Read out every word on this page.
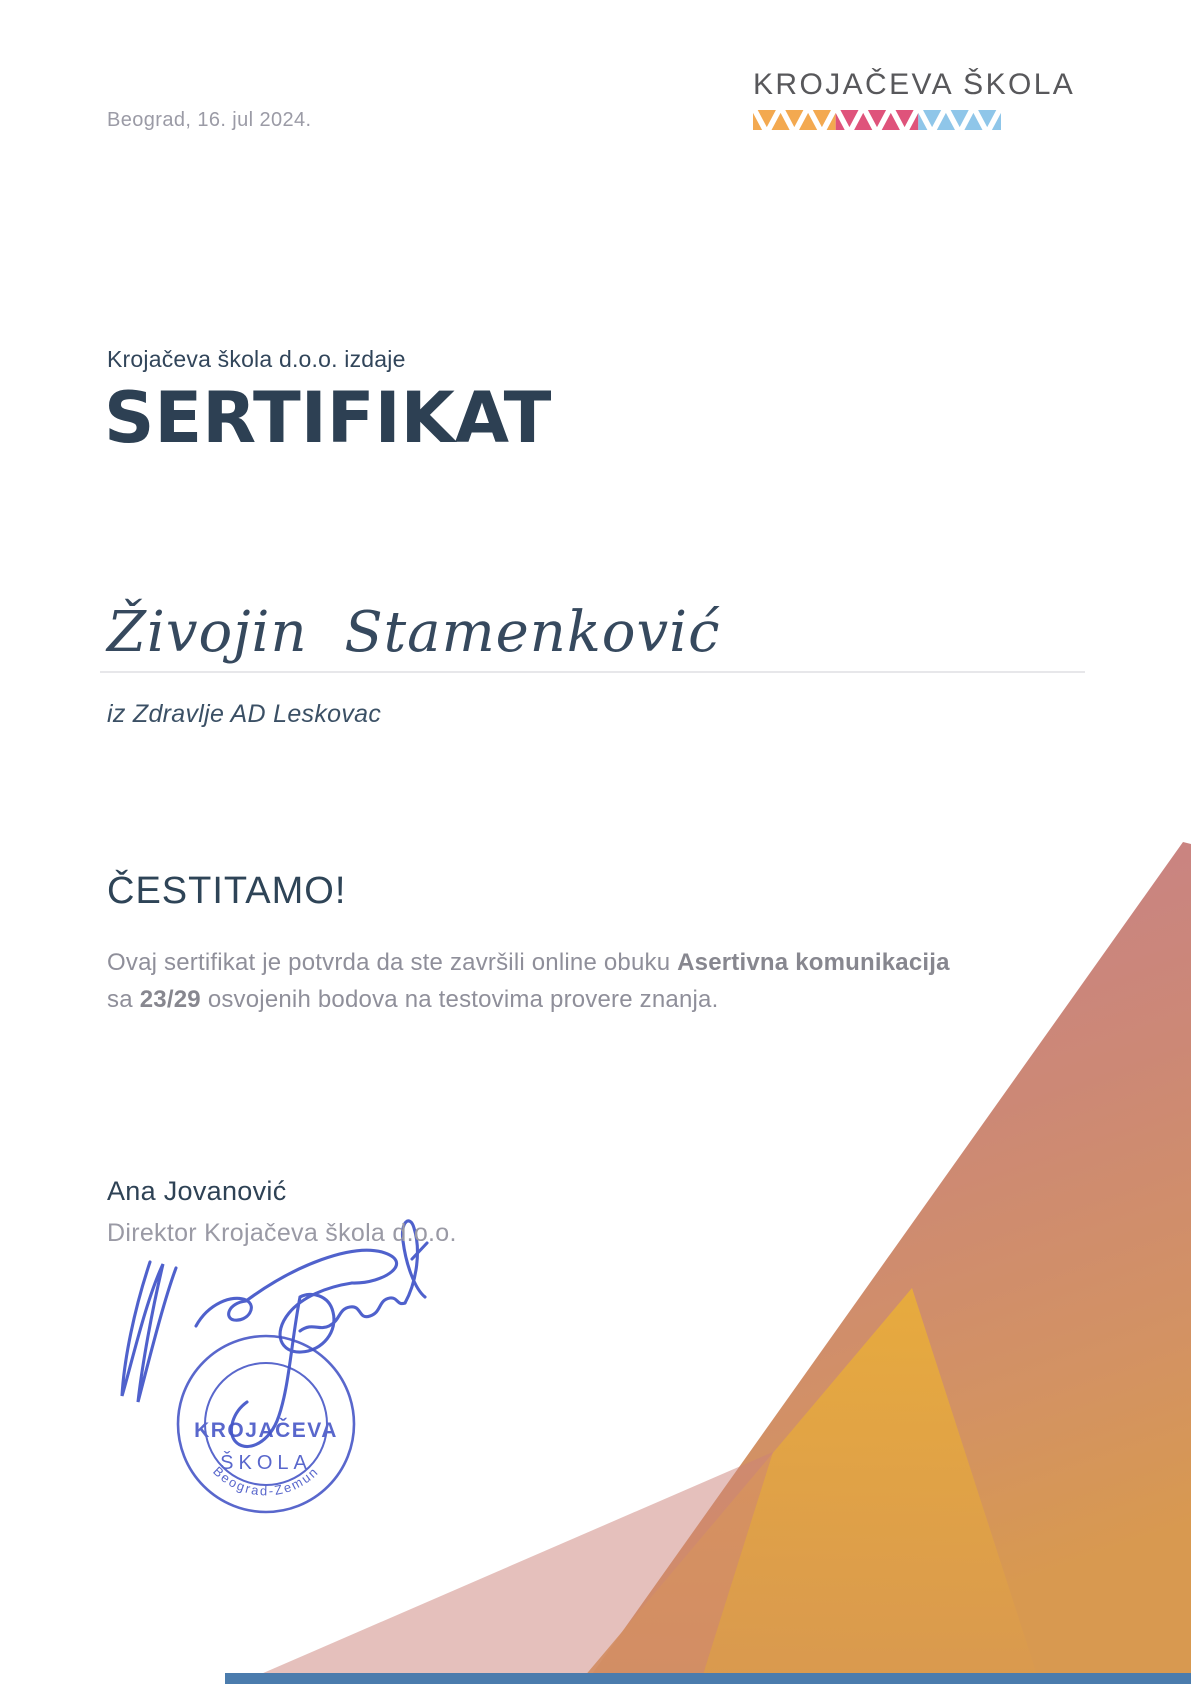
KROJAČEVA
ŠKOLA
Beograd-Zemun
Beograd, 16. jul 2024.
KROJAČEVA ŠKOLA
Krojačeva škola d.o.o. izdaje
SERTIFIKAT
Živojin Stamenković
iz Zdravlje AD Leskovac
ČESTITAMO!
Ovaj sertifikat je potvrda da ste završili online obuku Asertivna komunikacija sa 23/29 osvojenih bodova na testovima provere znanja.
Ana Jovanović
Direktor Krojačeva škola d.o.o.
